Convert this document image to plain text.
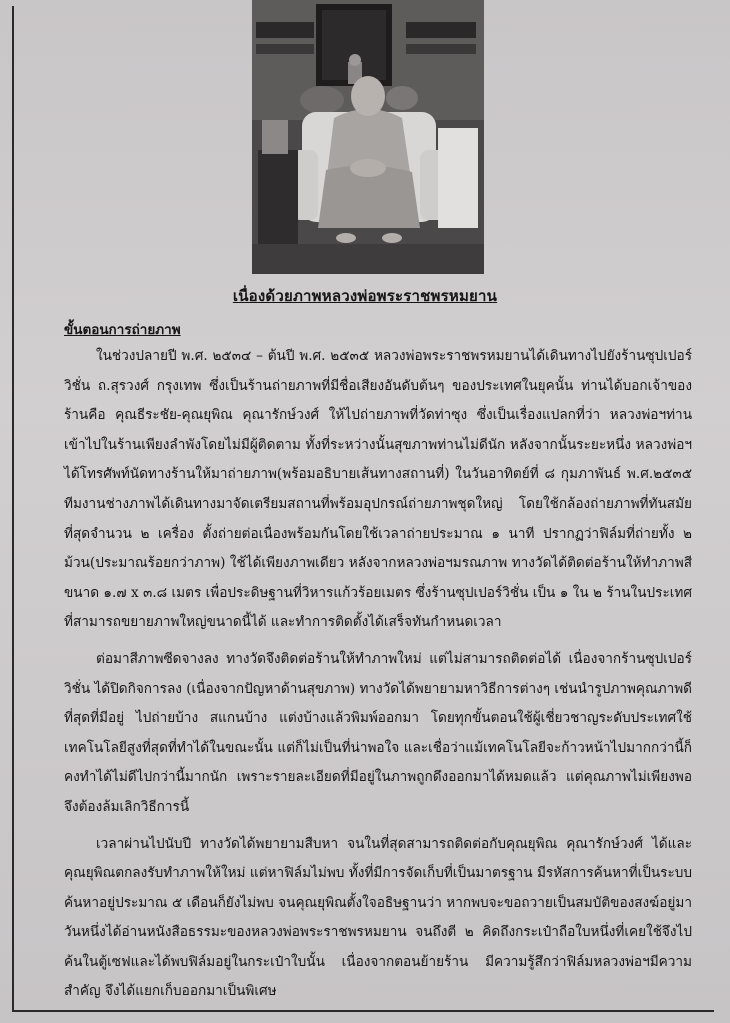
เนื่องด้วยภาพหลวงพ่อพระราชพรหมยาน
ขั้นตอนการถ่ายภาพ

ในช่วงปลายปี พ.ศ. ๒๕๓๔ – ต้นปี พ.ศ. ๒๕๓๕ หลวงพ่อพระราชพรหมยานได้เดินทางไปยังร้านซุปเปอร์วิชั่น ถ.สุรวงศ์ กรุงเทพ ซึ่งเป็นร้านถ่ายภาพที่มีชื่อเสียงอันดับต้นๆ ของประเทศในยุคนั้น ท่านได้บอกเจ้าของร้านคือ คุณธีระชัย-คุณยุพิณ คุณารักษ์วงศ์ ให้ไปถ่ายภาพที่วัดท่าซุง ซึ่งเป็นเรื่องแปลกที่ว่า หลวงพ่อฯท่านเข้าไปในร้านเพียงลำพังโดยไม่มีผู้ติดตาม ทั้งที่ระหว่างนั้นสุขภาพท่านไม่ดีนัก หลังจากนั้นระยะหนึ่ง หลวงพ่อฯได้โทรศัพท์นัดทางร้านให้มาถ่ายภาพ(พร้อมอธิบายเส้นทางสถานที่) ในวันอาทิตย์ที่ ๘ กุมภาพันธ์ พ.ศ.๒๕๓๕ ทีมงานช่างภาพได้เดินทางมาจัดเตรียมสถานที่พร้อมอุปกรณ์ถ่ายภาพชุดใหญ่ โดยใช้กล้องถ่ายภาพที่ทันสมัยที่สุดจำนวน ๒ เครื่อง ตั้งถ่ายต่อเนื่องพร้อมกันโดยใช้เวลาถ่ายประมาณ ๑ นาที ปรากฏว่าฟิล์มที่ถ่ายทั้ง ๒ ม้วน(ประมาณร้อยกว่าภาพ) ใช้ได้เพียงภาพเดียว หลังจากหลวงพ่อฯมรณภาพ ทางวัดได้ติดต่อร้านให้ทำภาพสีขนาด ๑.๗ x ๓.๘ เมตร เพื่อประดิษฐานที่วิหารแก้วร้อยเมตร ซึ่งร้านซุปเปอร์วิชั่น เป็น ๑ ใน ๒ ร้านในประเทศที่สามารถขยายภาพใหญ่ขนาดนี้ได้ และทำการติดตั้งได้เสร็จทันกำหนดเวลา

ต่อมาสีภาพซีดจางลง ทางวัดจึงติดต่อร้านให้ทำภาพใหม่ แต่ไม่สามารถติดต่อได้ เนื่องจากร้านซุปเปอร์วิชั่น ได้ปิดกิจการลง (เนื่องจากปัญหาด้านสุขภาพ) ทางวัดได้พยายามหาวิธีการต่างๆ เช่นนำรูปภาพคุณภาพดีที่สุดที่มีอยู่ ไปถ่ายบ้าง สแกนบ้าง แต่งบ้างแล้วพิมพ์ออกมา โดยทุกขั้นตอนใช้ผู้เชี่ยวชาญระดับประเทศใช้เทคโนโลยีสูงที่สุดที่ทำได้ในขณะนั้น แต่ก็ไม่เป็นที่น่าพอใจ และเชื่อว่าแม้เทคโนโลยีจะก้าวหน้าไปมากกว่านี้ก็คงทำได้ไม่ดีไปกว่านี้มากนัก เพราะรายละเอียดที่มีอยู่ในภาพถูกดึงออกมาได้หมดแล้ว แต่คุณภาพไม่เพียงพอจึงต้องล้มเลิกวิธีการนี้

เวลาผ่านไปนับปี ทางวัดได้พยายามสืบหา จนในที่สุดสามารถติดต่อกับคุณยุพิณ คุณารักษ์วงศ์ ได้และคุณยุพิณตกลงรับทำภาพให้ใหม่ แต่หาฟิล์มไม่พบ ทั้งที่มีการจัดเก็บที่เป็นมาตรฐาน มีรหัสการค้นหาที่เป็นระบบ ค้นหาอยู่ประมาณ ๕ เดือนก็ยังไม่พบ จนคุณยุพิณตั้งใจอธิษฐานว่า หากพบจะขอถวายเป็นสมบัติของสงฆ์อยู่มาวันหนึ่งได้อ่านหนังสือธรรมะของหลวงพ่อพระราชพรหมยาน จนถึงตี ๒ คิดถึงกระเป๋าถือใบหนึ่งที่เคยใช้จึงไปค้นในตู้เซฟและได้พบฟิล์มอยู่ในกระเป๋าใบนั้น เนื่องจากตอนย้ายร้าน มีความรู้สึกว่าฟิล์มหลวงพ่อฯมีความสำคัญ จึงได้แยกเก็บออกมาเป็นพิเศษ
